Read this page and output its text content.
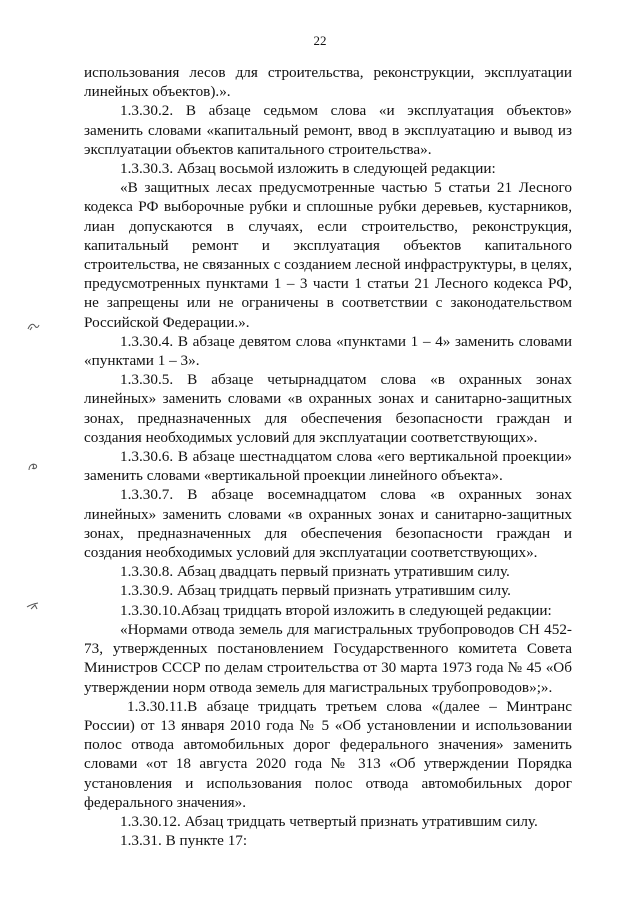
22

использования лесов для строительства, реконструкции, эксплуатации линейных объектов).».

1.3.30.2. В абзаце седьмом слова «и эксплуатация объектов» заменить словами «капитальный ремонт, ввод в эксплуатацию и вывод из эксплуатации объектов капитального строительства».

1.3.30.3. Абзац восьмой изложить в следующей редакции:

«В защитных лесах предусмотренные частью 5 статьи 21 Лесного кодекса РФ выборочные рубки и сплошные рубки деревьев, кустарников, лиан допускаются в случаях, если строительство, реконструкция, капитальный ремонт и эксплуатация объектов капитального строительства, не связанных с созданием лесной инфраструктуры, в целях, предусмотренных пунктами 1 – 3 части 1 статьи 21 Лесного кодекса РФ, не запрещены или не ограничены в соответствии с законодательством Российской Федерации.».

1.3.30.4. В абзаце девятом слова «пунктами 1 – 4» заменить словами «пунктами 1 – 3».

1.3.30.5. В абзаце четырнадцатом слова «в охранных зонах линейных» заменить словами «в охранных зонах и санитарно-защитных зонах, предназначенных для обеспечения безопасности граждан и создания необходимых условий для эксплуатации соответствующих».

1.3.30.6. В абзаце шестнадцатом слова «его вертикальной проекции» заменить словами «вертикальной проекции линейного объекта».

1.3.30.7. В абзаце восемнадцатом слова «в охранных зонах линейных» заменить словами «в охранных зонах и санитарно-защитных зонах, предназначенных для обеспечения безопасности граждан и создания необходимых условий для эксплуатации соответствующих».

1.3.30.8. Абзац двадцать первый признать утратившим силу.

1.3.30.9. Абзац тридцать первый признать утратившим силу.

1.3.30.10.Абзац тридцать второй изложить в следующей редакции:

«Нормами отвода земель для магистральных трубопроводов СН 452-73, утвержденных постановлением Государственного комитета Совета Министров СССР по делам строительства от 30 марта 1973 года № 45 «Об утверждении норм отвода земель для магистральных трубопроводов»;».

1.3.30.11.В абзаце тридцать третьем слова «(далее – Минтранс России) от 13 января 2010 года № 5 «Об установлении и использовании полос отвода автомобильных дорог федерального значения» заменить словами «от 18 августа 2020 года № 313 «Об утверждении Порядка установления и использования полос отвода автомобильных дорог федерального значения».

1.3.30.12. Абзац тридцать четвертый признать утратившим силу.

1.3.31. В пункте 17:
